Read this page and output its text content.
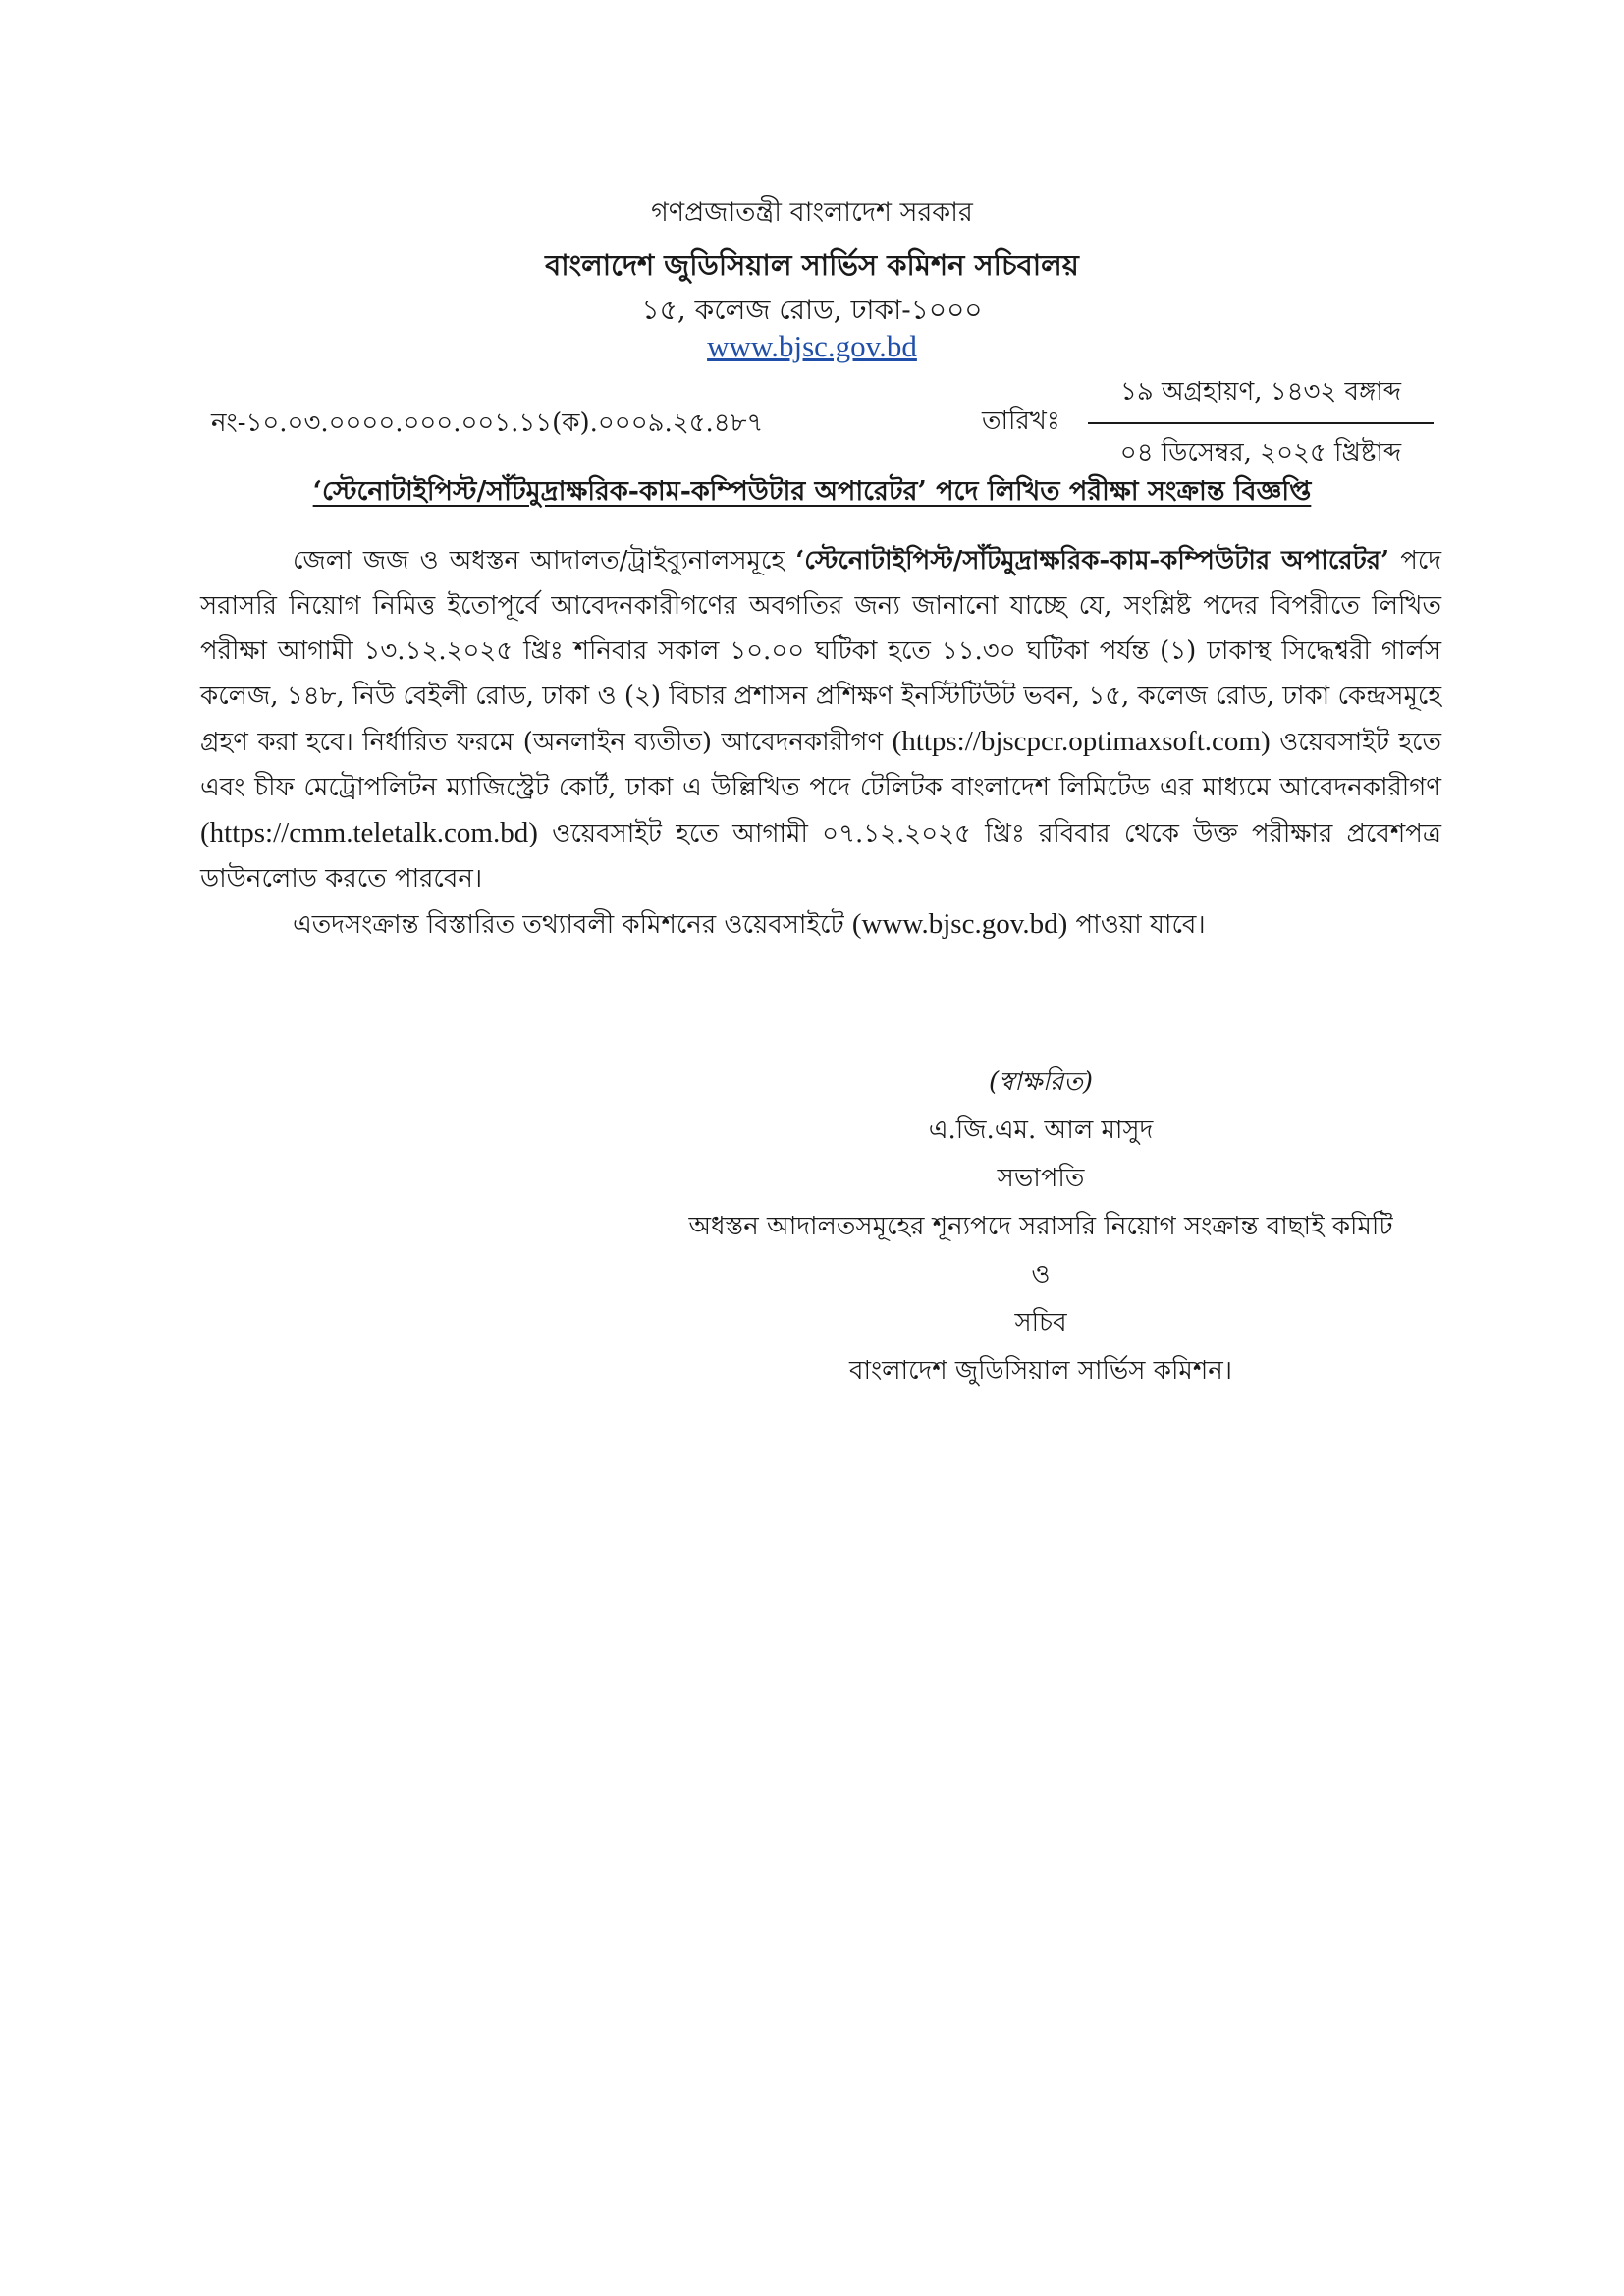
গণপ্রজাতন্ত্রী বাংলাদেশ সরকার
বাংলাদেশ জুডিসিয়াল সার্ভিস কমিশন সচিবালয়
১৫, কলেজ রোড, ঢাকা-১০০০
www.bjsc.gov.bd
নং-১০.০৩.০০০০.০০০.০০১.১১(ক).০০০৯.২৫.৪৮৭	তারিখঃ
১৯ অগ্রহায়ণ, ১৪৩২ বঙ্গাব্দ
০৪ ডিসেম্বর, ২০২৫ খ্রিষ্টাব্দ
‘স্টেনোটাইপিস্ট/সাঁটমুদ্রাক্ষরিক-কাম-কম্পিউটার অপারেটর’ পদে লিখিত পরীক্ষা সংক্রান্ত বিজ্ঞপ্তি

জেলা জজ ও অধস্তন আদালত/ট্রাইব্যুনালসমূহে ‘স্টেনোটাইপিস্ট/সাঁটমুদ্রাক্ষরিক-কাম-কম্পিউটার অপারেটর’ পদে সরাসরি নিয়োগ নিমিত্ত ইতোপূর্বে আবেদনকারীগণের অবগতির জন্য জানানো যাচ্ছে যে, সংশ্লিষ্ট পদের বিপরীতে লিখিত পরীক্ষা আগামী ১৩.১২.২০২৫ খ্রিঃ শনিবার সকাল ১০.০০ ঘটিকা হতে ১১.৩০ ঘটিকা পর্যন্ত (১) ঢাকাস্থ সিদ্ধেশ্বরী গার্লস কলেজ, ১৪৮, নিউ বেইলী রোড, ঢাকা ও (২) বিচার প্রশাসন প্রশিক্ষণ ইনস্টিটিউট ভবন, ১৫, কলেজ রোড, ঢাকা কেন্দ্রসমূহে গ্রহণ করা হবে। নির্ধারিত ফরমে (অনলাইন ব্যতীত) আবেদনকারীগণ (https://bjscpcr.optimaxsoft.com) ওয়েবসাইট হতে এবং চীফ মেট্রোপলিটন ম্যাজিস্ট্রেট কোর্ট, ঢাকা এ উল্লিখিত পদে টেলিটক বাংলাদেশ লিমিটেড এর মাধ্যমে আবেদনকারীগণ (https://cmm.teletalk.com.bd) ওয়েবসাইট হতে আগামী ০৭.১২.২০২৫ খ্রিঃ রবিবার থেকে উক্ত পরীক্ষার প্রবেশপত্র ডাউনলোড করতে পারবেন।

এতদসংক্রান্ত বিস্তারিত তথ্যাবলী কমিশনের ওয়েবসাইটে (www.bjsc.gov.bd) পাওয়া যাবে।

(স্বাক্ষরিত)
এ.জি.এম. আল মাসুদ
সভাপতি
অধস্তন আদালতসমূহের শূন্যপদে সরাসরি নিয়োগ সংক্রান্ত বাছাই কমিটি
ও
সচিব
বাংলাদেশ জুডিসিয়াল সার্ভিস কমিশন।
